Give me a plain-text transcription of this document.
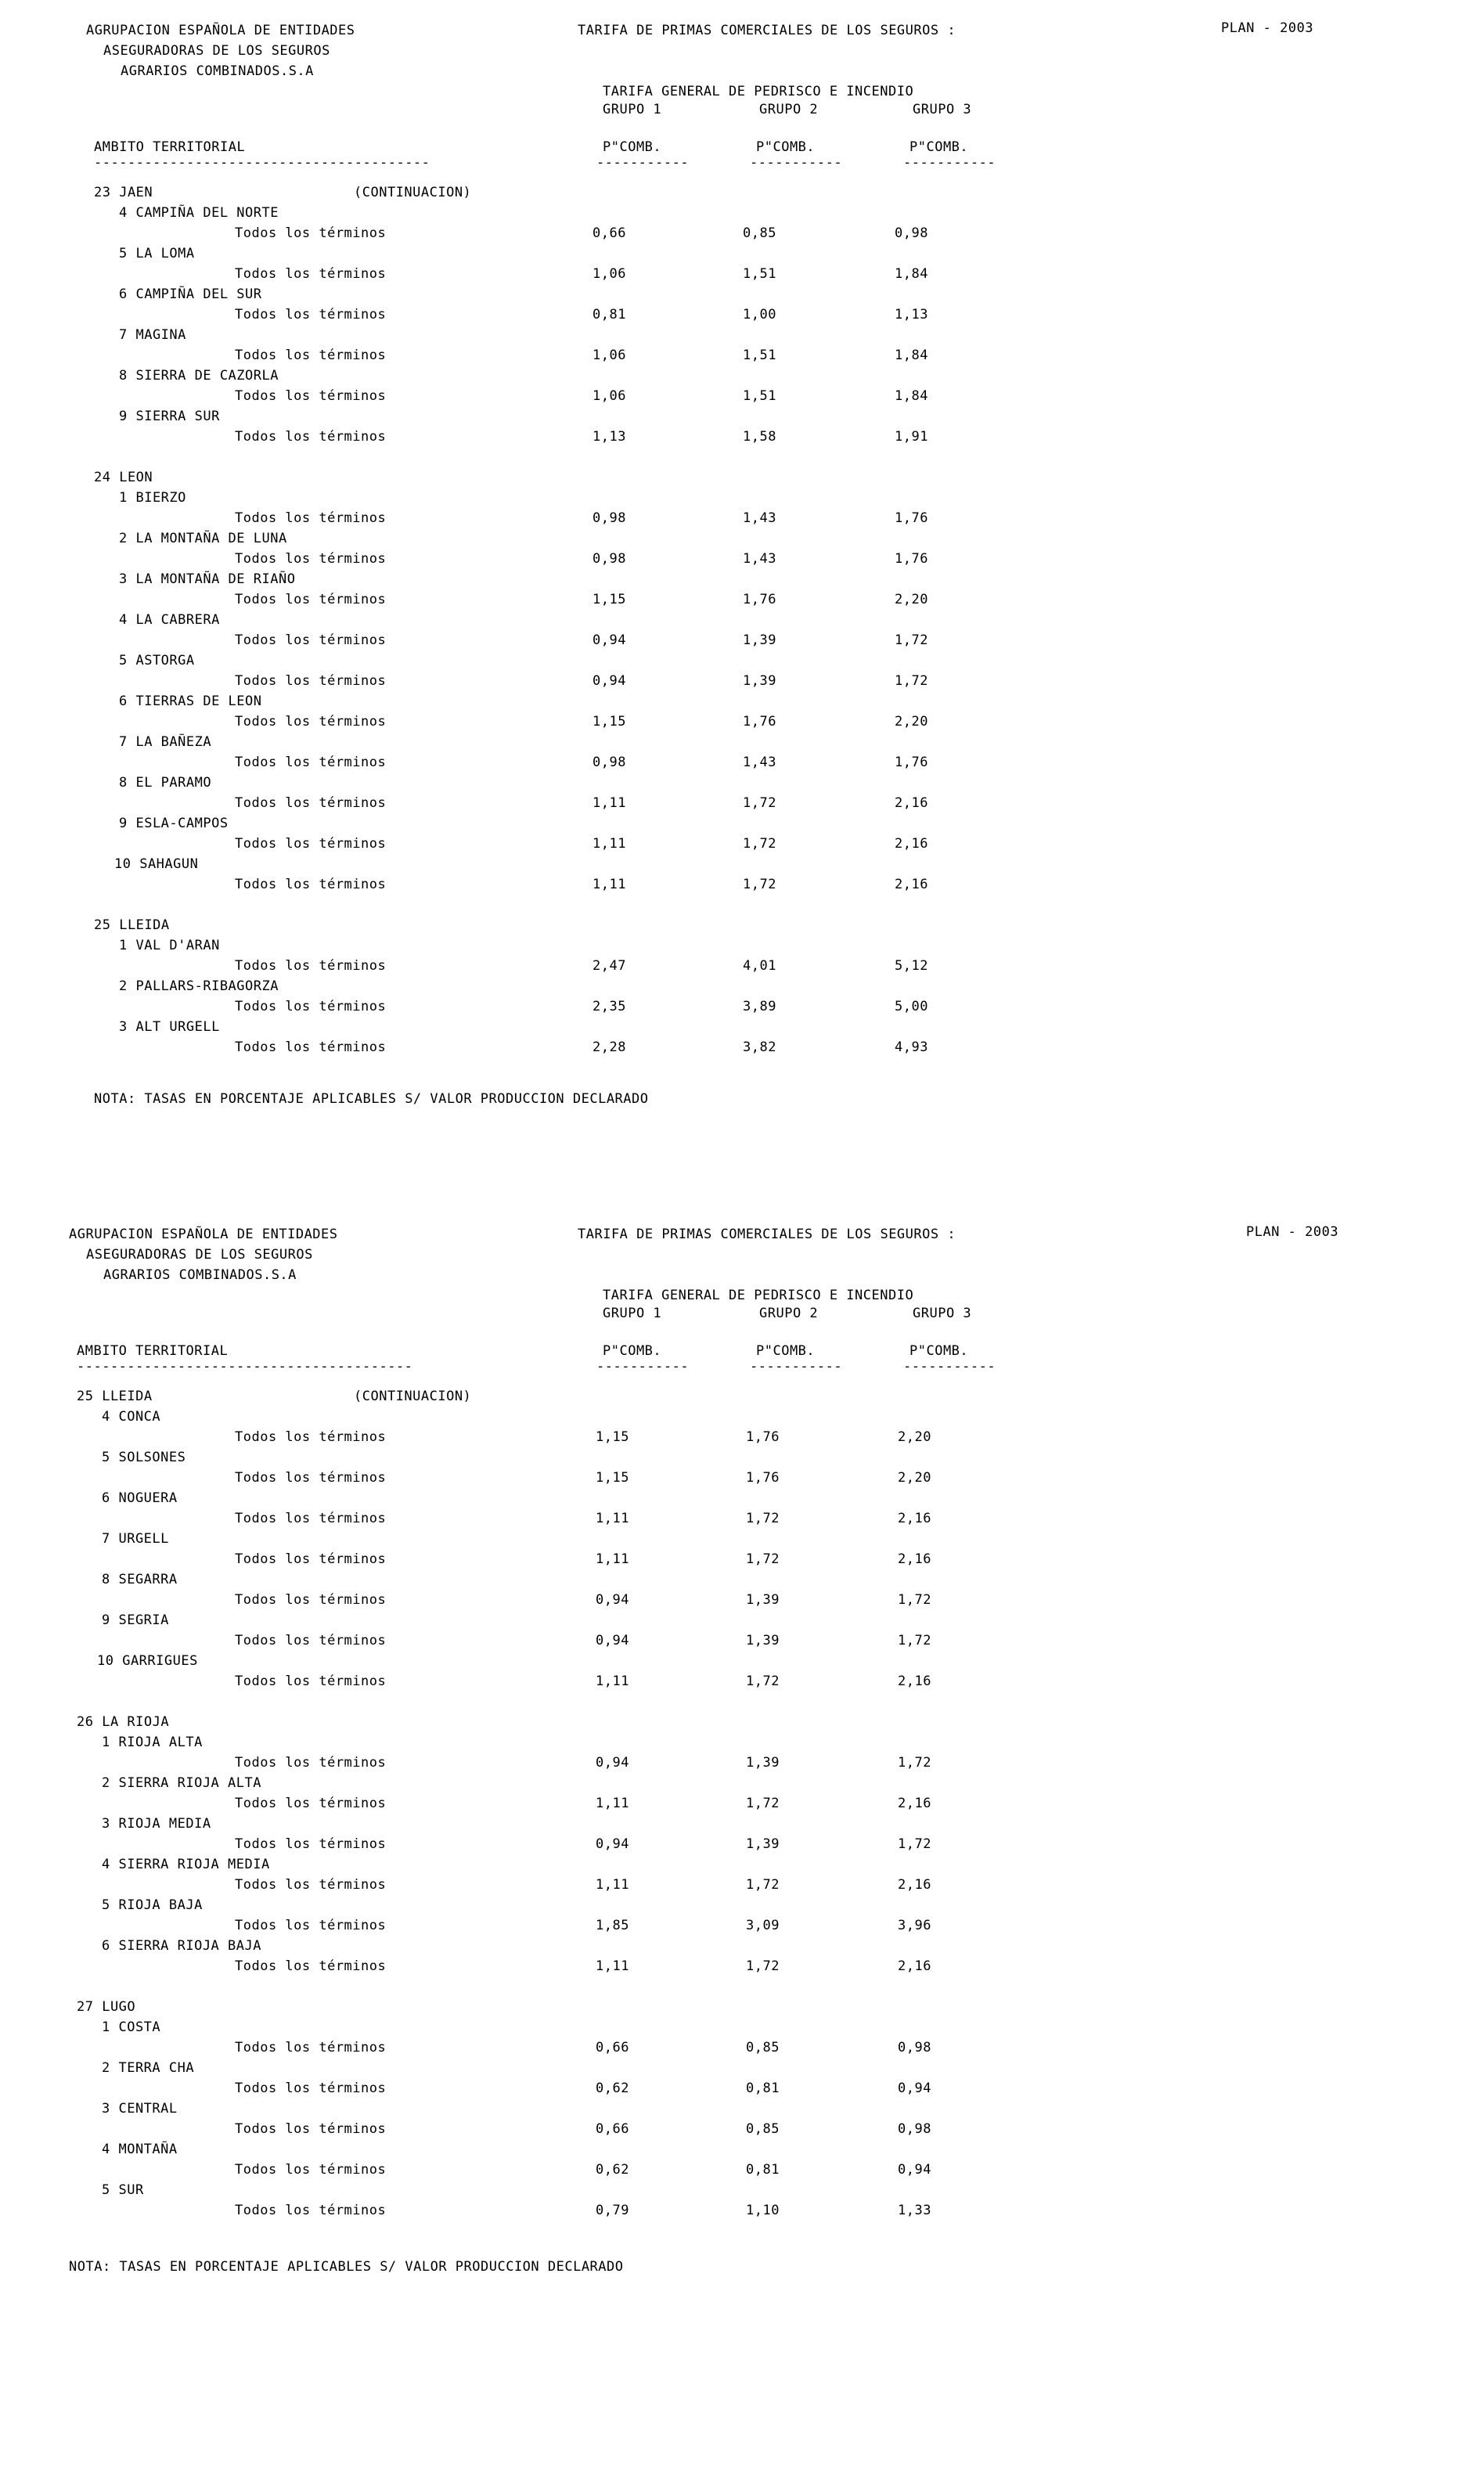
AGRUPACION ESPAÑOLA DE ENTIDADES
ASEGURADORAS DE LOS SEGUROS
AGRARIOS COMBINADOS.S.A
TARIFA DE PRIMAS COMERCIALES DE LOS SEGUROS :
TARIFA GENERAL DE PEDRISCO E INCENDIO
GRUPO 1	GRUPO 2	GRUPO 3
PLAN - 2003
AMBITO TERRITORIAL
----------------------------------------
P"COMB.	P"COMB.	P"COMB.
-----------	-----------	-----------
23 JAEN	(CONTINUACION)
4 CAMPIÑA DEL NORTE
Todos los términos	0,66	0,85	0,98
5 LA LOMA
Todos los términos	1,06	1,51	1,84
6 CAMPIÑA DEL SUR
Todos los términos	0,81	1,00	1,13
7 MAGINA
Todos los términos	1,06	1,51	1,84
8 SIERRA DE CAZORLA
Todos los términos	1,06	1,51	1,84
9 SIERRA SUR
Todos los términos	1,13	1,58	1,91
24 LEON
1 BIERZO
Todos los términos	0,98	1,43	1,76
2 LA MONTAÑA DE LUNA
Todos los términos	0,98	1,43	1,76
3 LA MONTAÑA DE RIAÑO
Todos los términos	1,15	1,76	2,20
4 LA CABRERA
Todos los términos	0,94	1,39	1,72
5 ASTORGA
Todos los términos	0,94	1,39	1,72
6 TIERRAS DE LEON
Todos los términos	1,15	1,76	2,20
7 LA BAÑEZA
Todos los términos	0,98	1,43	1,76
8 EL PARAMO
Todos los términos	1,11	1,72	2,16
9 ESLA-CAMPOS
Todos los términos	1,11	1,72	2,16
10 SAHAGUN
Todos los términos	1,11	1,72	2,16
25 LLEIDA
1 VAL D'ARAN
Todos los términos	2,47	4,01	5,12
2 PALLARS-RIBAGORZA
Todos los términos	2,35	3,89	5,00
3 ALT URGELL
Todos los términos	2,28	3,82	4,93
NOTA: TASAS EN PORCENTAJE APLICABLES S/ VALOR PRODUCCION DECLARADO
AGRUPACION ESPAÑOLA DE ENTIDADES
ASEGURADORAS DE LOS SEGUROS
AGRARIOS COMBINADOS.S.A
TARIFA DE PRIMAS COMERCIALES DE LOS SEGUROS :
TARIFA GENERAL DE PEDRISCO E INCENDIO
GRUPO 1	GRUPO 2	GRUPO 3
PLAN - 2003
AMBITO TERRITORIAL
----------------------------------------
P"COMB.	P"COMB.	P"COMB.
-----------	-----------	-----------
25 LLEIDA	(CONTINUACION)
4 CONCA
Todos los términos	1,15	1,76	2,20
5 SOLSONES
Todos los términos	1,15	1,76	2,20
6 NOGUERA
Todos los términos	1,11	1,72	2,16
7 URGELL
Todos los términos	1,11	1,72	2,16
8 SEGARRA
Todos los términos	0,94	1,39	1,72
9 SEGRIA
Todos los términos	0,94	1,39	1,72
10 GARRIGUES
Todos los términos	1,11	1,72	2,16
26 LA RIOJA
1 RIOJA ALTA
Todos los términos	0,94	1,39	1,72
2 SIERRA RIOJA ALTA
Todos los términos	1,11	1,72	2,16
3 RIOJA MEDIA
Todos los términos	0,94	1,39	1,72
4 SIERRA RIOJA MEDIA
Todos los términos	1,11	1,72	2,16
5 RIOJA BAJA
Todos los términos	1,85	3,09	3,96
6 SIERRA RIOJA BAJA
Todos los términos	1,11	1,72	2,16
27 LUGO
1 COSTA
Todos los términos	0,66	0,85	0,98
2 TERRA CHA
Todos los términos	0,62	0,81	0,94
3 CENTRAL
Todos los términos	0,66	0,85	0,98
4 MONTAÑA
Todos los términos	0,62	0,81	0,94
5 SUR
Todos los términos	0,79	1,10	1,33
NOTA: TASAS EN PORCENTAJE APLICABLES S/ VALOR PRODUCCION DECLARADO
